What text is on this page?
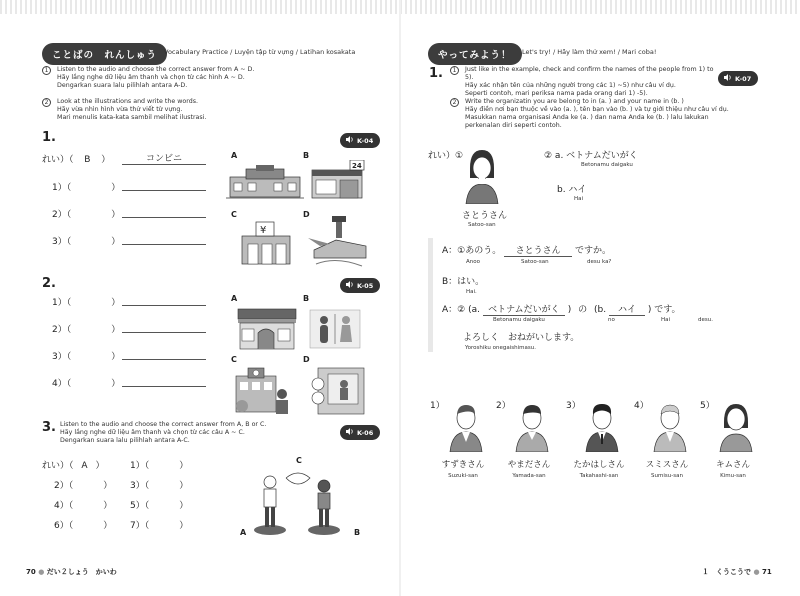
ことばの　れんしゅう	Vocabulary Practice / Luyện tập từ vựng / Latihan kosakata
1 Listen to the audio and choose the correct answer from A ~ D.
Hãy lắng nghe dữ liệu âm thanh và chọn từ các hình A ~ D.
Dengarkan suara lalu pilihlah antara A-D.
2 Look at the illustrations and write the words.
Hãy vừa nhìn hình vừa thử viết từ vựng.
Mari menulis kata-kata sambil melihat ilustrasi.
1.	K-04
れい）（ B ）	コンビニ
1）（	）
2）（	）
3）（	）
A	B
C	D
24
¥
2.	K-05
1）（	）
2）（	）
3）（	）
4）（	）
A	B
C	D
3. Listen to the audio and choose the correct answer from A, B or C.
Hãy lắng nghe dữ liệu âm thanh và chọn từ các câu A ~ C.
Dengarkan suara lalu pilihlah antara A-C.
K-06
れい）（ A ）	1）（	）
2）（	） 3）（	）
4）（	） 5）（	）
6）（	） 7）（	）
C
A	B
70 ● だい２しょう　かいわ
やってみよう！	Let's try! / Hãy làm thử xem! / Mari coba!
1.	K-07
1 Just like in the example, check and confirm the names of the people from 1) to 5).
Hãy xác nhận tên của những người trong các 1) ~5) như câu ví dụ.
Seperti contoh, mari periksa nama pada orang dari 1) -5).
2 Write the organizatin you are belong to in (a. ) and your name in (b. )
Hãy điền nơi bạn thuộc về vào (a. ), tên bạn vào (b. ) và tự giới thiệu như câu ví dụ.
Masukkan nama organisasi Anda ke (a. ) dan nama Anda ke (b. ) lalu lakukan
perkenalan diri seperti contoh.
れい）①
さとうさん
Satoo-san
② a. ベトナムだいがく
Betonamu daigaku
b. ハイ
Hai
A：①あのう。 さとうさん ですか。
Anoo	Satoo-san	desu ka?
B：はい。
Hai.
A：② (a. ベトナムだいがく ) の (b. ハイ ) です。
Betonamu daigaku	no	Hai	desu.
よろしく　おねがいします。
Yoroshiku onegaishimasu.
1）
すずきさん
Suzuki-san
2）
やまださん
Yamada-san
3）
たかはしさん
Takahashi-san
4）
スミスさん
Sumisu-san
5）
キムさん
Kimu-san
１　くうこうで ● 71
